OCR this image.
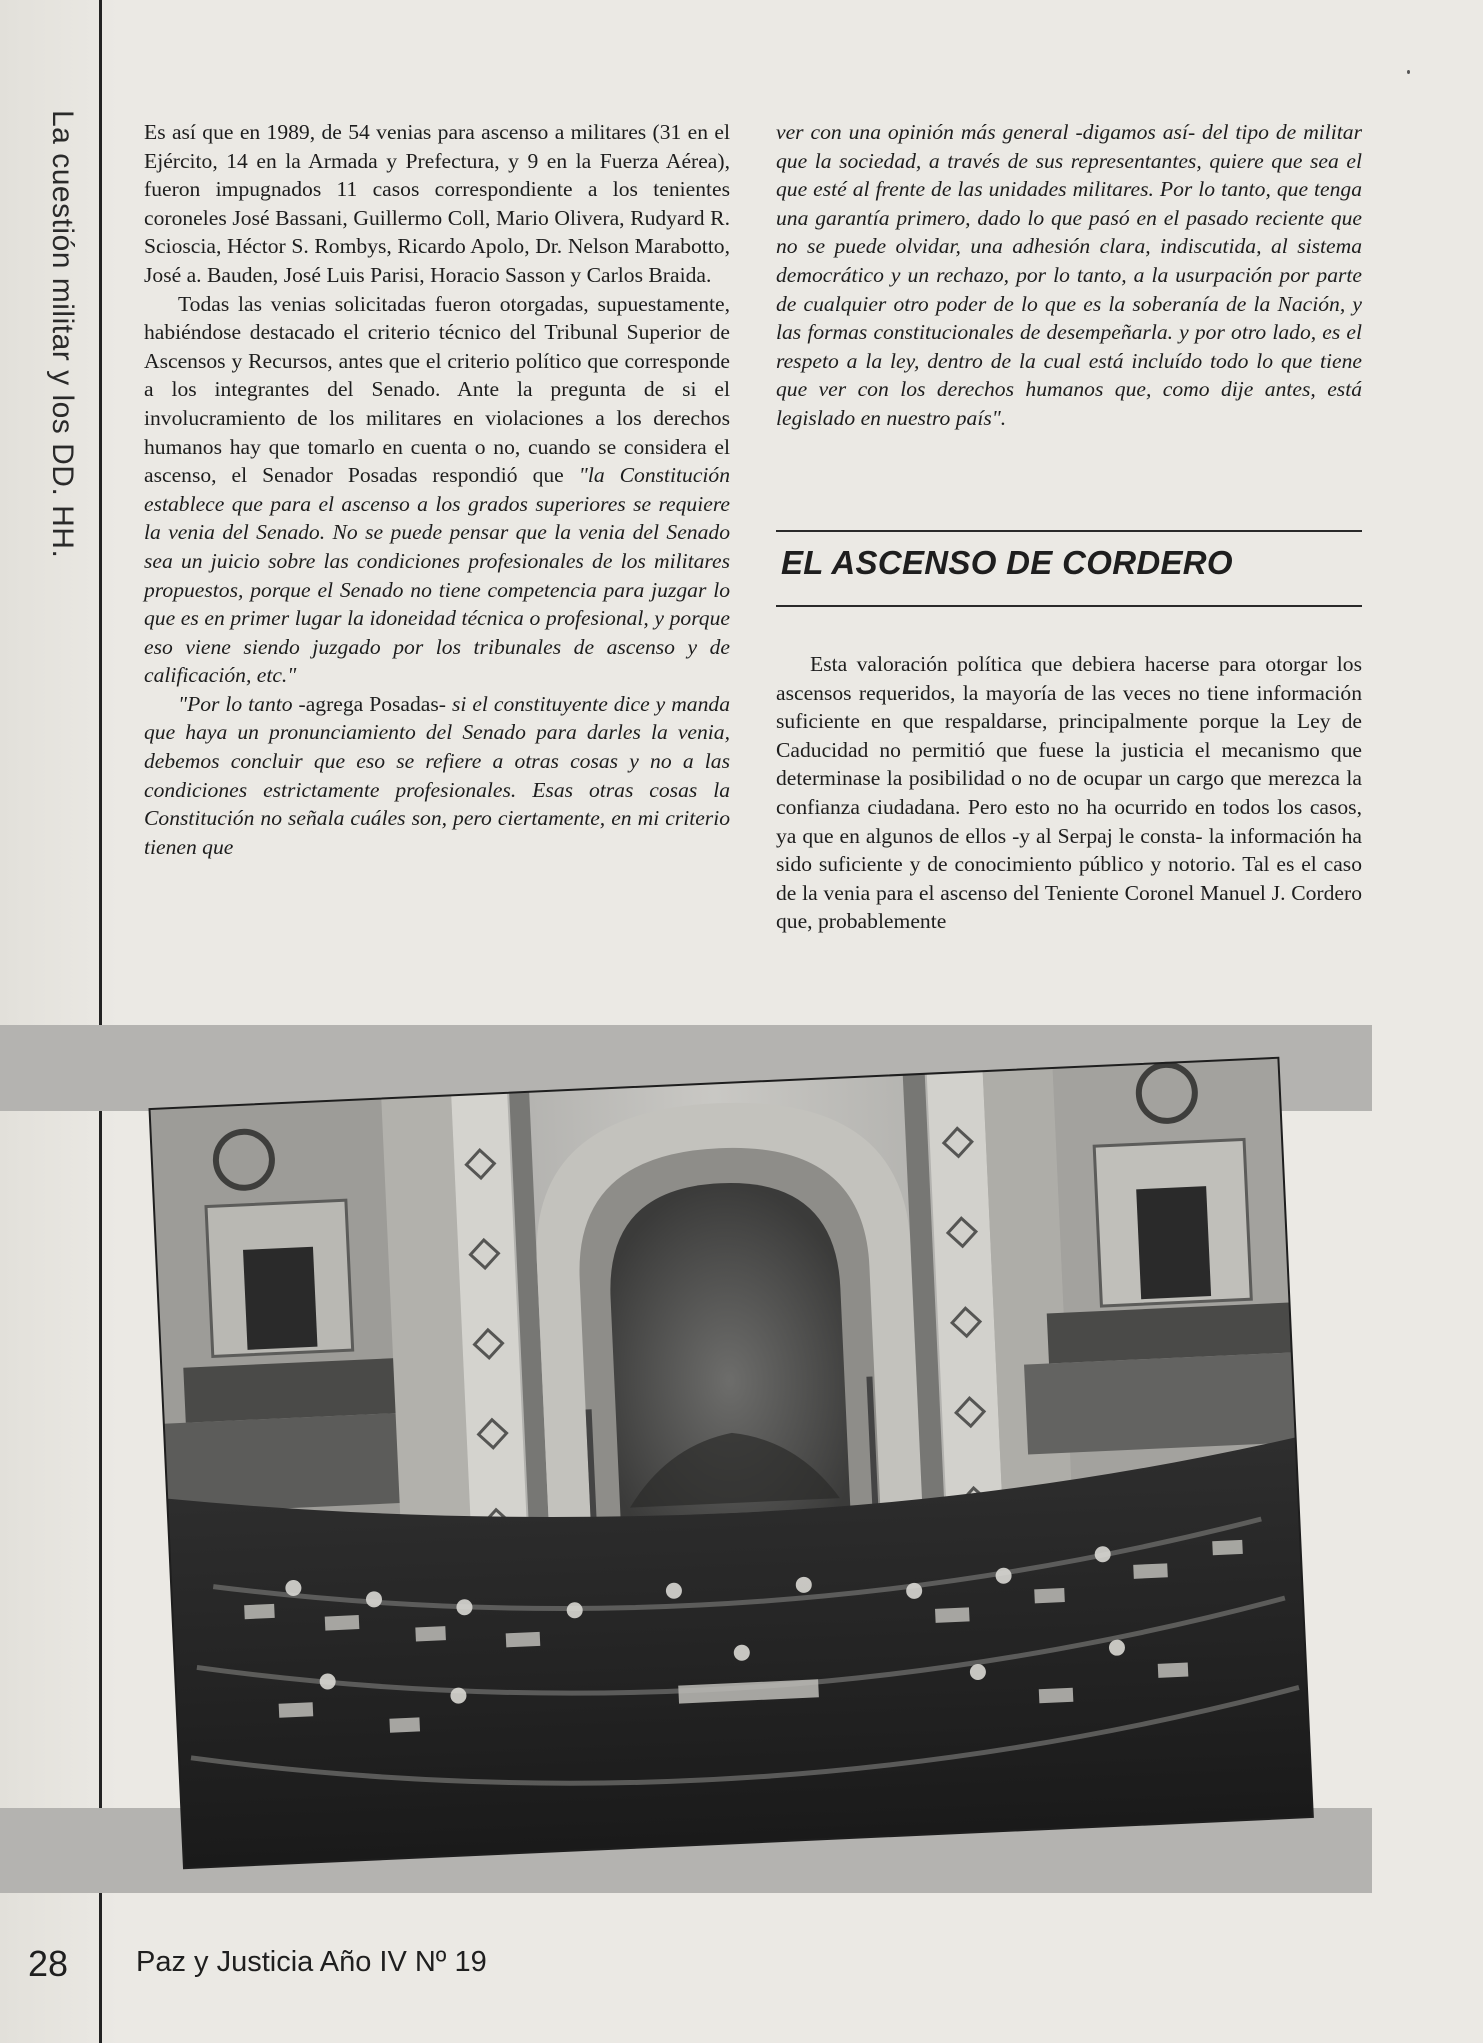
La cuestión militar y los DD. HH.	Es así que en 1989, de 54 venias para ascenso a militares (31 en el Ejército, 14 en la Armada y Prefectura, y 9 en la Fuerza Aérea), fueron impugnados 11 casos correspondiente a los tenientes coroneles José Bassani, Guillermo Coll, Mario Olivera, Rudyard R. Scioscia, Héctor S. Rombys, Ricardo Apolo, Dr. Nelson Marabotto, José a. Bauden, José Luis Parisi, Horacio Sasson y Carlos Braida.

Todas las venias solicitadas fueron otorgadas, supuestamente, habiéndose destacado el criterio técnico del Tribunal Superior de Ascensos y Recursos, antes que el criterio político que corresponde a los integrantes del Senado. Ante la pregunta de si el involucramiento de los militares en violaciones a los derechos humanos hay que tomarlo en cuenta o no, cuando se considera el ascenso, el Senador Posadas respondió que "la Constitución establece que para el ascenso a los grados superiores se requiere la venia del Senado. No se puede pensar que la venia del Senado sea un juicio sobre las condiciones profesionales de los militares propuestos, porque el Senado no tiene competencia para juzgar lo que es en primer lugar la idoneidad técnica o profesional, y porque eso viene siendo juzgado por los tribunales de ascenso y de calificación, etc."

"Por lo tanto -agrega Posadas- si el constituyente dice y manda que haya un pronunciamiento del Senado para darles la venia, debemos concluir que eso se refiere a otras cosas y no a las condiciones estrictamente profesionales. Esas otras cosas la Constitución no señala cuáles son, pero ciertamente, en mi criterio tienen que

ver con una opinión más general -digamos así- del tipo de militar que la sociedad, a través de sus representantes, quiere que sea el que esté al frente de las unidades militares. Por lo tanto, que tenga una garantía primero, dado lo que pasó en el pasado reciente que no se puede olvidar, una adhesión clara, indiscutida, al sistema democrático y un rechazo, por lo tanto, a la usurpación por parte de cualquier otro poder de lo que es la soberanía de la Nación, y las formas constitucionales de desempeñarla. y por otro lado, es el respeto a la ley, dentro de la cual está incluído todo lo que tiene que ver con los derechos humanos que, como dije antes, está legislado en nuestro país".

EL ASCENSO DE CORDERO

Esta valoración política que debiera hacerse para otorgar los ascensos requeridos, la mayoría de las veces no tiene información suficiente en que respaldarse, principalmente porque la Ley de Caducidad no permitió que fuese la justicia el mecanismo que determinase la posibilidad o no de ocupar un cargo que merezca la confianza ciudadana. Pero esto no ha ocurrido en todos los casos, ya que en algunos de ellos -y al Serpaj le consta- la información ha sido suficiente y de conocimiento público y notorio. Tal es el caso de la venia para el ascenso del Teniente Coronel Manuel J. Cordero que, probablemente

28 Paz y Justicia Año IV Nº 19
